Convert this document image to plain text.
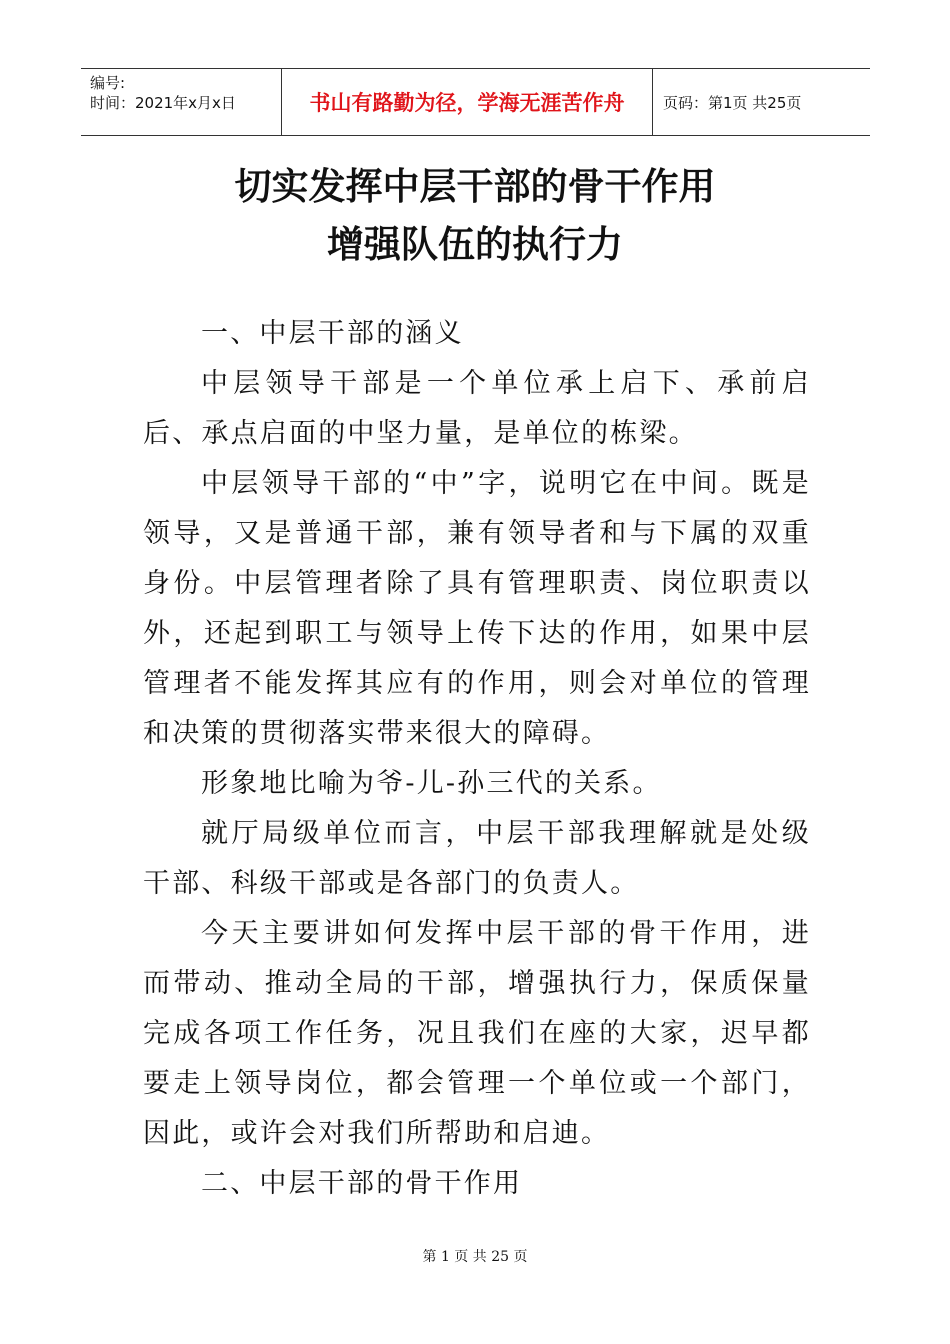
编号:
时间：2021年x月x日	书山有路勤为径，学海无涯苦作舟	页码：第1页 共25页
切实发挥中层干部的骨干作用
增强队伍的执行力

一、中层干部的涵义

中层领导干部是一个单位承上启下、承前启后、承点启面的中坚力量，是单位的栋梁。

中层领导干部的“中”字，说明它在中间。既是领导，又是普通干部，兼有领导者和与下属的双重身份。中层管理者除了具有管理职责、岗位职责以外，还起到职工与领导上传下达的作用，如果中层管理者不能发挥其应有的作用，则会对单位的管理和决策的贯彻落实带来很大的障碍。

形象地比喻为爷-儿-孙三代的关系。

就厅局级单位而言，中层干部我理解就是处级干部、科级干部或是各部门的负责人。

今天主要讲如何发挥中层干部的骨干作用，进而带动、推动全局的干部，增强执行力，保质保量完成各项工作任务，况且我们在座的大家，迟早都要走上领导岗位，都会管理一个单位或一个部门，因此，或许会对我们所帮助和启迪。

二、中层干部的骨干作用

第 1 页 共 25 页
